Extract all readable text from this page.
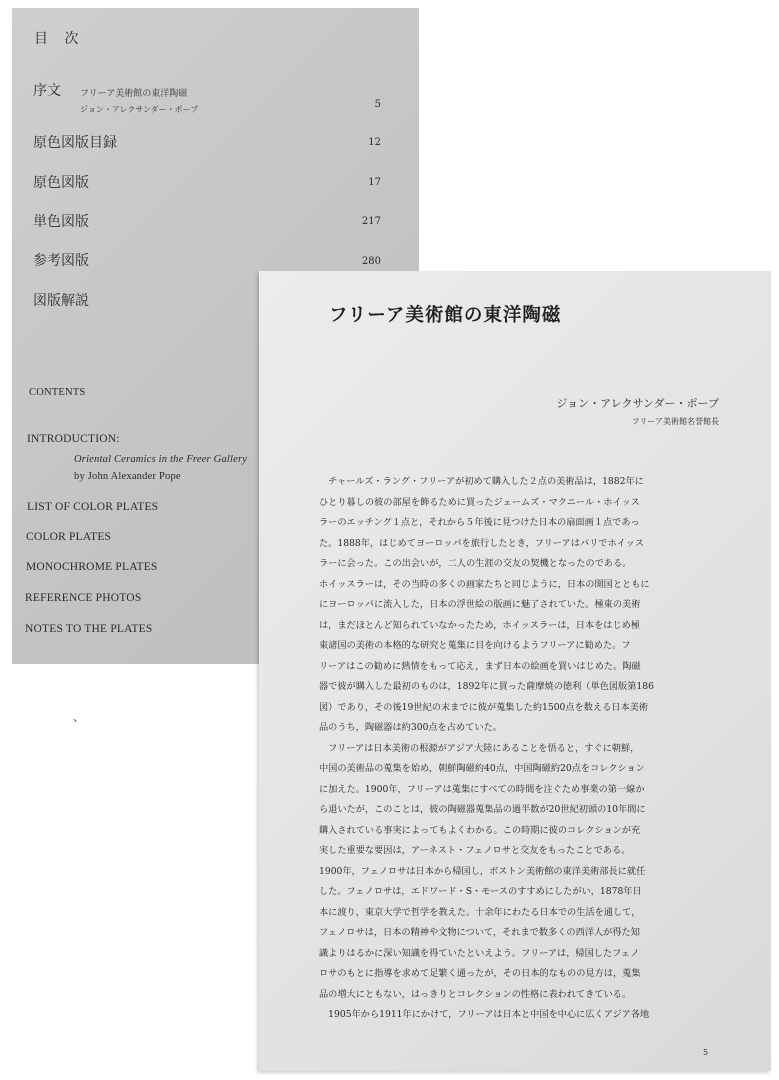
目 次
序文 フリーア美術館の東洋陶磁
ジョン・アレクサンダー・ポープ	5
原色図版目録	12
原色図版	17
単色図版	217
参考図版	280
図版解説
CONTENTS
INTRODUCTION:
Oriental Ceramics in the Freer Gallery
by John Alexander Pope
LIST OF COLOR PLATES
COLOR PLATES
MONOCHROME PLATES
REFERENCE PHOTOS
NOTES TO THE PLATES
、
フリーア美術館の東洋陶磁
ジョン・アレクサンダー・ポープ
フリーア美術館名誉館長
　チャールズ・ラング・フリーアが初めて購入した２点の美術品は，1882年に
ひとり暮しの彼の部屋を飾るために買ったジェームズ・マクニール・ホイッス
ラーのエッチング１点と，それから５年後に見つけた日本の扇面画１点であっ
た。1888年，はじめてヨーロッパを旅行したとき，フリーアはパリでホイッス
ラーに会った。この出会いが，二人の生涯の交友の契機となったのである。
ホイッスラーは，その当時の多くの画家たちと同じように，日本の開国とともに
にヨーロッパに流入した，日本の浮世絵の版画に魅了されていた。極東の美術
は，まだほとんど知られていなかったため，ホイッスラーは，日本をはじめ極
東諸国の美術の本格的な研究と蒐集に目を向けるようフリーアに勧めた。フ
リーアはこの勧めに熱情をもって応え，まず日本の絵画を買いはじめた。陶磁
器で彼が購入した最初のものは，1892年に買った薩摩焼の徳利（単色図版第186
図）であり，その後19世紀の末までに彼が蒐集した約1500点を数える日本美術
品のうち，陶磁器は約300点を占めていた。
　フリーアは日本美術の根源がアジア大陸にあることを悟ると，すぐに朝鮮，
中国の美術品の蒐集を始め，朝鮮陶磁約40点，中国陶磁約20点をコレクション
に加えた。1900年，フリーアは蒐集にすべての時間を注ぐため事業の第一線か
ら退いたが，このことは，彼の陶磁器蒐集品の過半数が20世紀初頭の10年間に
購入されている事実によってもよくわかる。この時期に彼のコレクションが充
実した重要な要因は，アーネスト・フェノロサと交友をもったことである。
1900年，フェノロサは日本から帰国し，ボストン美術館の東洋美術部長に就任
した。フェノロサは，エドワード・S・モースのすすめにしたがい，1878年日
本に渡り，東京大学で哲学を教えた。十余年にわたる日本での生活を通して，
フェノロサは，日本の精神や文物について，それまで数多くの西洋人が得た知
識よりはるかに深い知識を得ていたといえよう。フリーアは，帰国したフェノ
ロサのもとに指導を求めて足繁く通ったが，その日本的なものの見方は，蒐集
品の増大にともない，はっきりとコレクションの性格に表われてきている。
　1905年から1911年にかけて，フリーアは日本と中国を中心に広くアジア各地
5
